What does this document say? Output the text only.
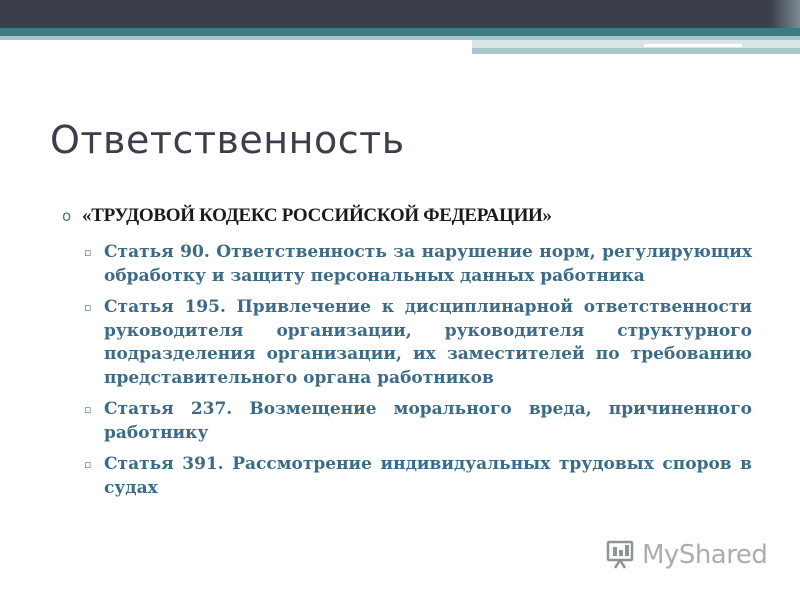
Ответственность
o «ТРУДОВОЙ КОДЕКС РОССИЙСКОЙ ФЕДЕРАЦИИ»
▫ Статья 90. Ответственность за нарушение норм, регулирующих обработку и защиту персональных данных работника
▫ Статья 195. Привлечение к дисциплинарной ответственности руководителя организации, руководителя структурного подразделения организации, их заместителей по требованию представительного органа работников
▫ Статья 237. Возмещение морального вреда, причиненного работнику
▫ Статья 391. Рассмотрение индивидуальных трудовых споров в судах
MyShared
